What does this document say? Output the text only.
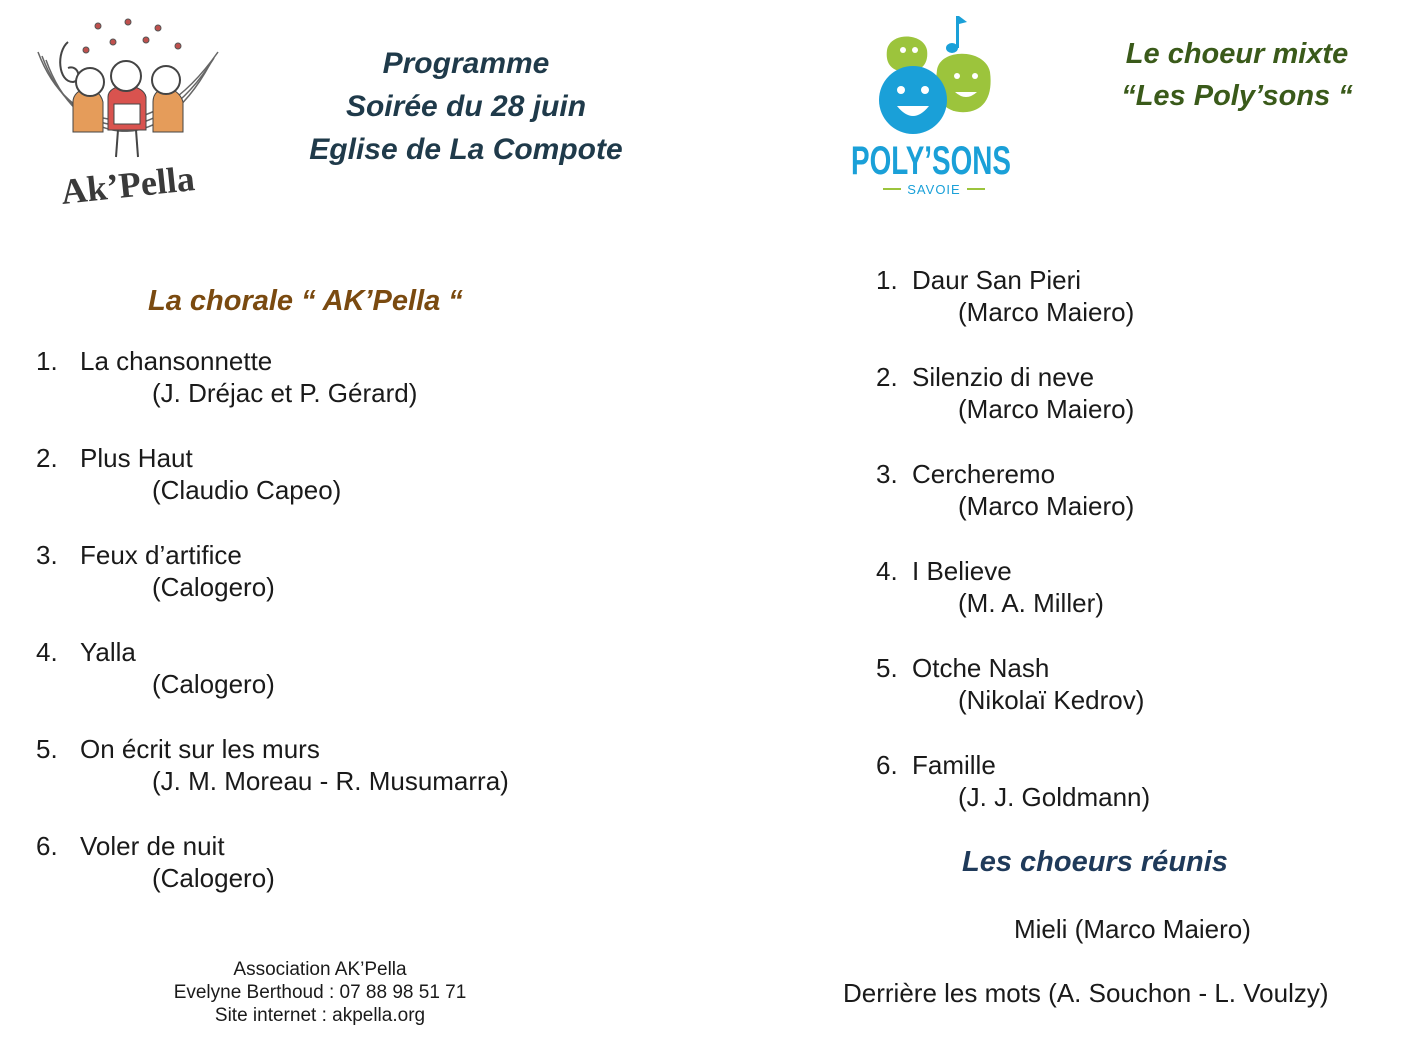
Ak’Pella
Programme
Soirée du 28 juin
Eglise de La Compote	POLY’SONS
SAVOIE
Le choeur mixte
“Les Poly’sons “
La chorale “ AK’Pella “
1. La chansonnette
(J. Dréjac et P. Gérard)
2. Plus Haut
(Claudio Capeo)
3. Feux d’artifice
(Calogero)
4. Yalla
(Calogero)
5. On écrit sur les murs
(J. M. Moreau - R. Musumarra)
6. Voler de nuit
(Calogero)
1. Daur San Pieri
(Marco Maiero)
2. Silenzio di neve
(Marco Maiero)
3. Cercheremo
(Marco Maiero)
4. I Believe
(M. A. Miller)
5. Otche Nash
(Nikolaï Kedrov)
6. Famille
(J. J. Goldmann)
Les choeurs réunis
Mieli (Marco Maiero)
Derrière les mots (A. Souchon - L. Voulzy)
Association AK’Pella
Evelyne Berthoud : 07 88 98 51 71
Site internet : akpella.org
